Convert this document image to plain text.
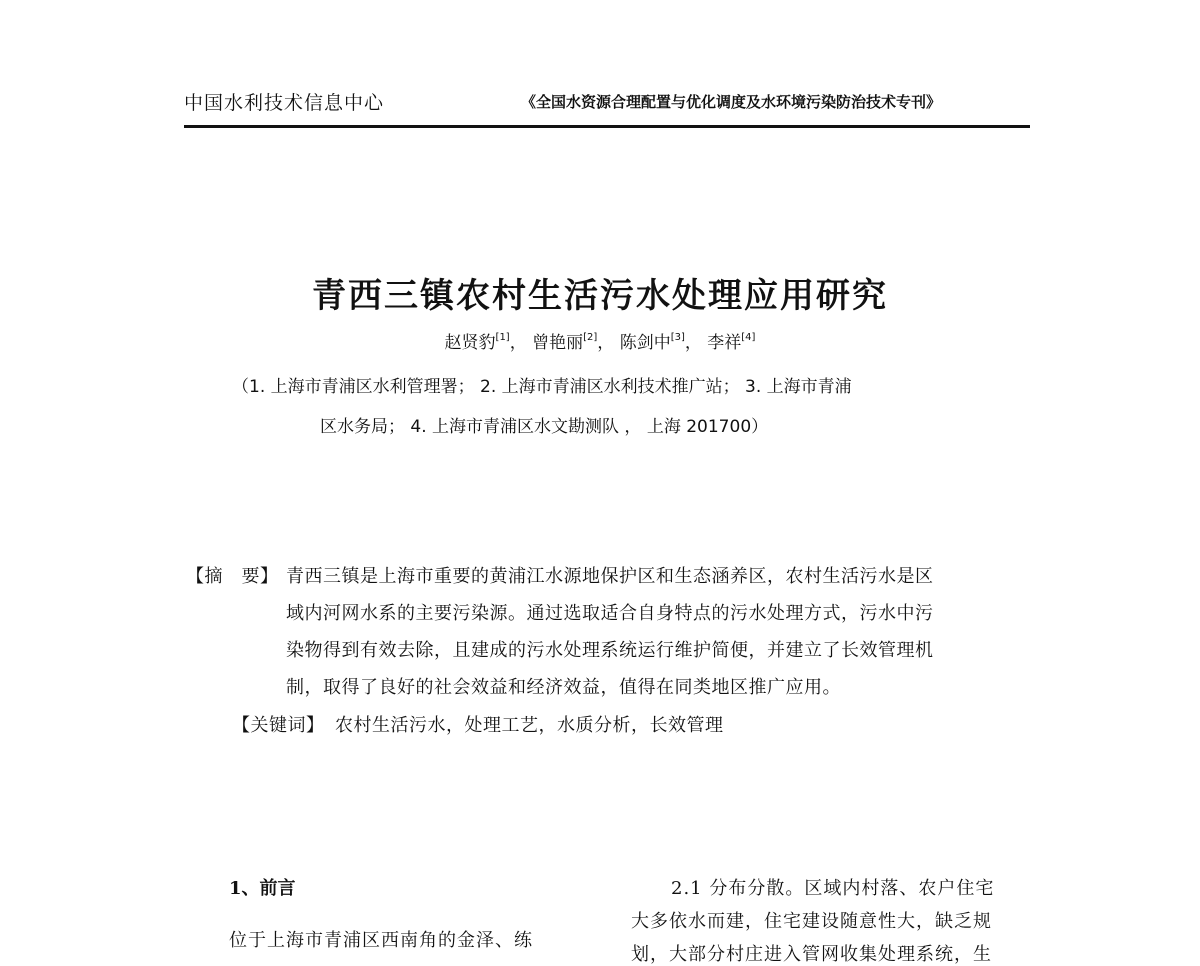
中国水利技术信息中心	《全国水资源合理配置与优化调度及水环境污染防治技术专刊》
青西三镇农村生活污水处理应用研究
赵贤豹[1]， 曾艳丽[2]， 陈剑中[3]， 李祥[4]
（1. 上海市青浦区水利管理署； 2. 上海市青浦区水利技术推广站； 3. 上海市青浦
区水务局； 4. 上海市青浦区水文勘测队 ， 上海 201700）
【摘　要】 青西三镇是上海市重要的黄浦江水源地保护区和生态涵养区，农村生活污水是区
域内河网水系的主要污染源。通过选取适合自身特点的污水处理方式，污水中污
染物得到有效去除，且建成的污水处理系统运行维护简便，并建立了长效管理机
制，取得了良好的社会效益和经济效益，值得在同类地区推广应用。
【关键词】 农村生活污水，处理工艺，水质分析，长效管理
1、前言
位于上海市青浦区西南角的金泽、练
2.1 分布分散。区域内村落、农户住宅
大多依水而建，住宅建设随意性大，缺乏规
划，大部分村庄进入管网收集处理系统，生
